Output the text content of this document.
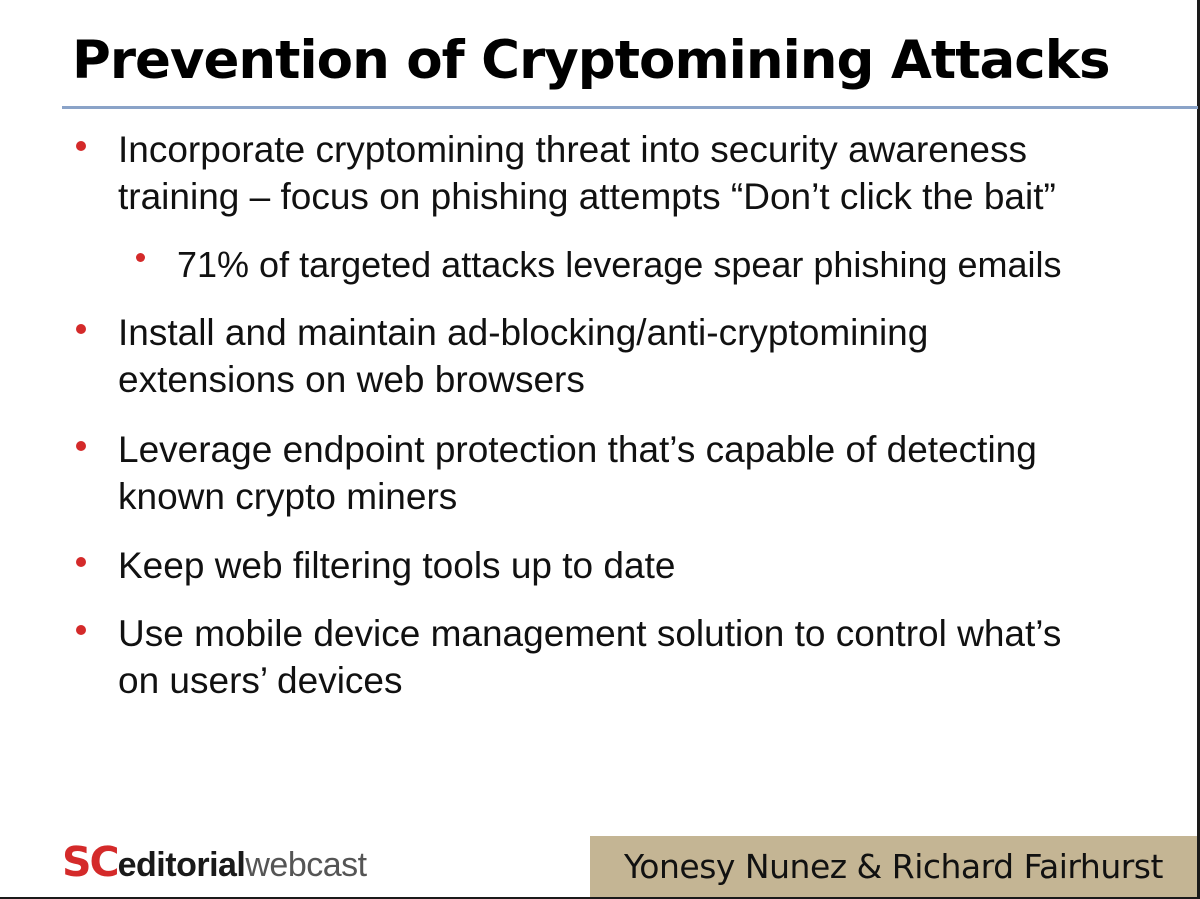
Prevention of Cryptomining Attacks
Incorporate cryptomining threat into security awareness
training – focus on phishing attempts “Don’t click the bait”
71% of targeted attacks leverage spear phishing emails
Install and maintain ad-blocking/anti-cryptomining
extensions on web browsers
Leverage endpoint protection that’s capable of detecting
known crypto miners
Keep web filtering tools up to date
Use mobile device management solution to control what’s
on users’ devices
SC editorial webcast	Yonesy Nunez & Richard Fairhurst
